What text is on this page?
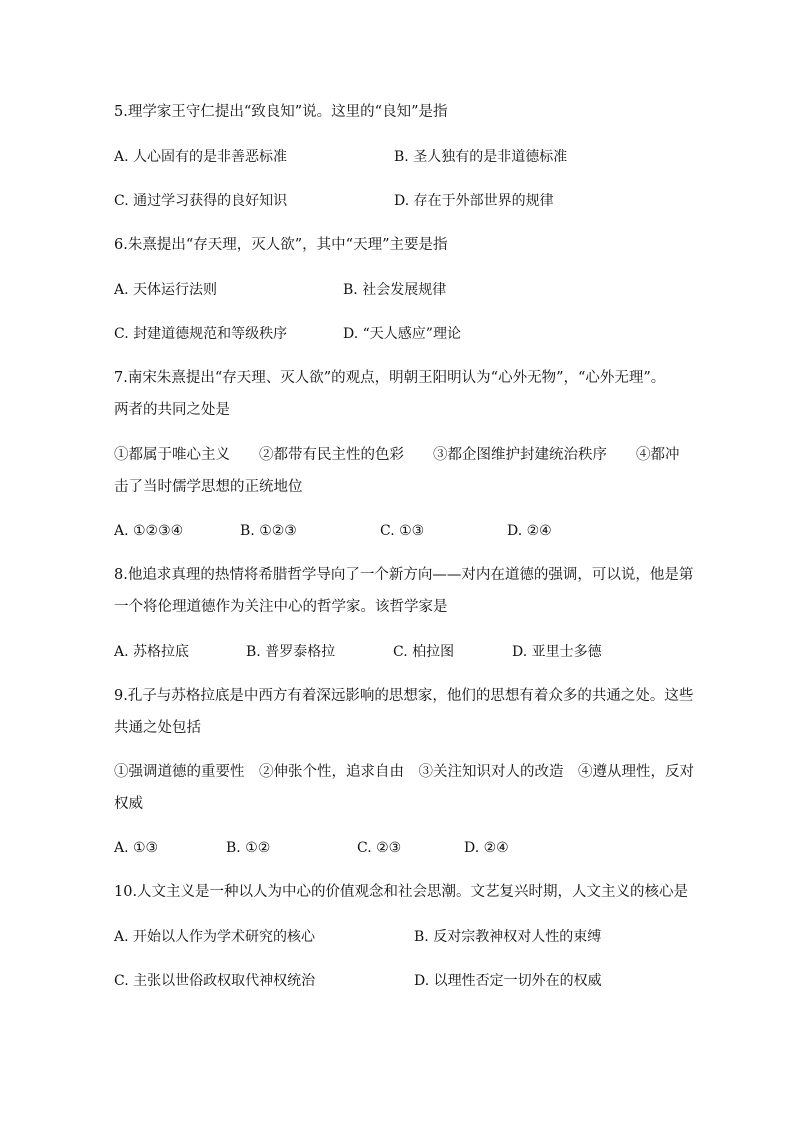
5.理学家王守仁提出“致良知”说。这里的“良知”是指
A. 人心固有的是非善恶标准	B. 圣人独有的是非道德标准
C. 通过学习获得的良好知识	D. 存在于外部世界的规律
6.朱熹提出“存天理，灭人欲”，其中“天理”主要是指
A. 天体运行法则	B. 社会发展规律
C. 封建道德规范和等级秩序	D. “天人感应”理论
7.南宋朱熹提出“存天理、灭人欲”的观点，明朝王阳明认为“心外无物”，“心外无理”。
两者的共同之处是
①都属于唯心主义　　②都带有民主性的色彩　　③都企图维护封建统治秩序　　④都冲
击了当时儒学思想的正统地位
A. ①②③④	B. ①②③	C. ①③	D. ②④
8.他追求真理的热情将希腊哲学导向了一个新方向——对内在道德的强调，可以说，他是第
一个将伦理道德作为关注中心的哲学家。该哲学家是
A. 苏格拉底	B. 普罗泰格拉	C. 柏拉图	D. 亚里士多德
9.孔子与苏格拉底是中西方有着深远影响的思想家，他们的思想有着众多的共通之处。这些
共通之处包括
①强调道德的重要性　②伸张个性，追求自由　③关注知识对人的改造　④遵从理性，反对
权威
A. ①③	B. ①②	C. ②③	D. ②④
10.人文主义是一种以人为中心的价值观念和社会思潮。文艺复兴时期，人文主义的核心是
A. 开始以人作为学术研究的核心	B. 反对宗教神权对人性的束缚
C. 主张以世俗政权取代神权统治	D. 以理性否定一切外在的权威
